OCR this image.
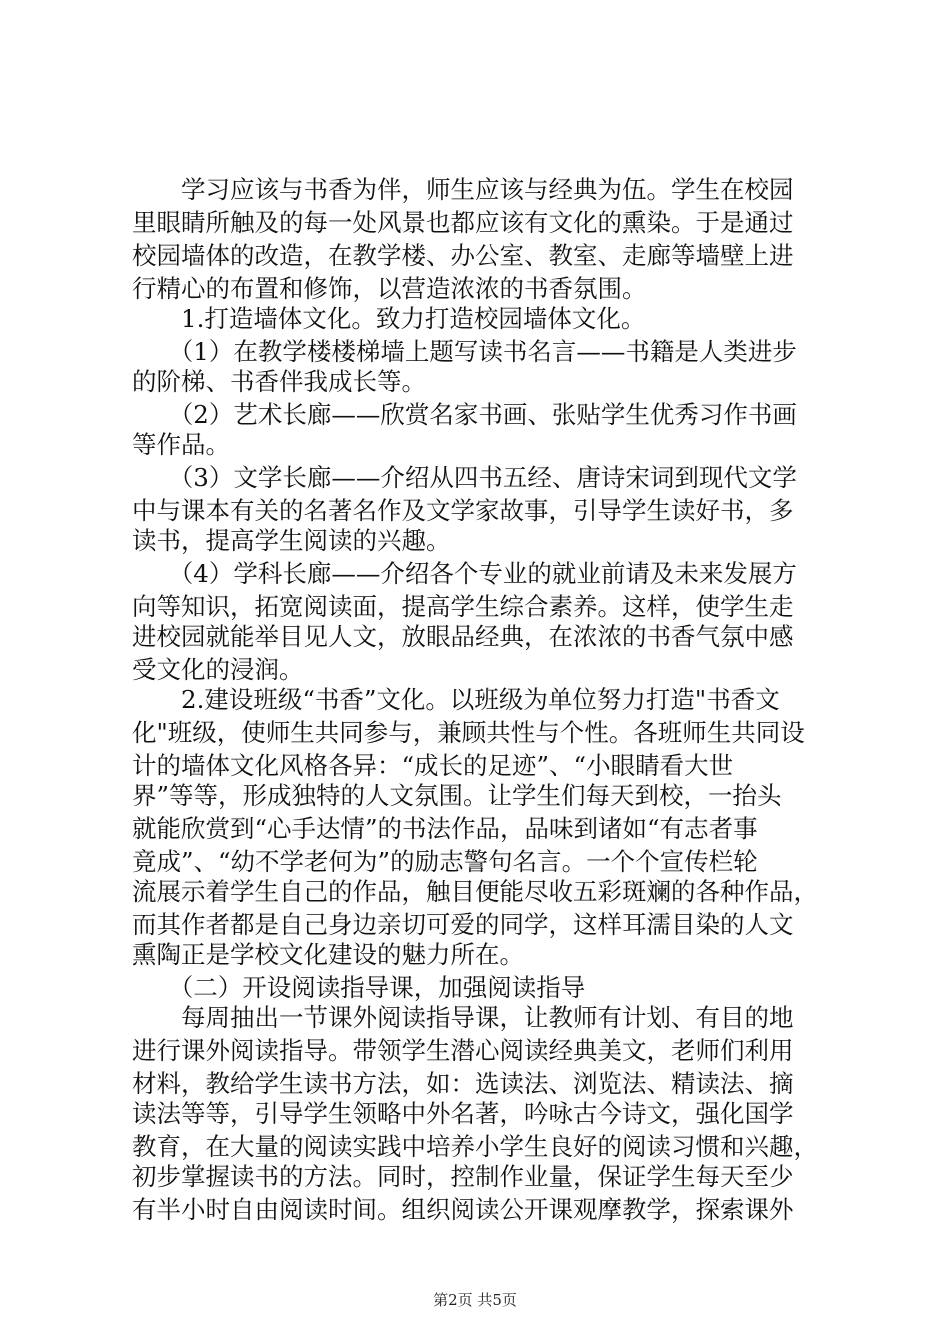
　　学习应该与书香为伴，师生应该与经典为伍。学生在校园
里眼睛所触及的每一处风景也都应该有文化的熏染。于是通过
校园墙体的改造，在教学楼、办公室、教室、走廊等墙壁上进
行精心的布置和修饰，以营造浓浓的书香氛围。
　　1.打造墙体文化。致力打造校园墙体文化。
　　（1）在教学楼楼梯墙上题写读书名言——书籍是人类进步
的阶梯、书香伴我成长等。
　　（2）艺术长廊——欣赏名家书画、张贴学生优秀习作书画
等作品。
　　（3）文学长廊——介绍从四书五经、唐诗宋词到现代文学
中与课本有关的名著名作及文学家故事，引导学生读好书，多
读书，提高学生阅读的兴趣。
　　（4）学科长廊——介绍各个专业的就业前请及未来发展方
向等知识，拓宽阅读面，提高学生综合素养。这样，使学生走
进校园就能举目见人文，放眼品经典，在浓浓的书香气氛中感
受文化的浸润。
　　2.建设班级“书香”文化。以班级为单位努力打造"书香文
化"班级，使师生共同参与，兼顾共性与个性。各班师生共同设
计的墙体文化风格各异：“成长的足迹”、“小眼睛看大世
界”等等，形成独特的人文氛围。让学生们每天到校，一抬头
就能欣赏到“心手达情”的书法作品，品味到诸如“有志者事
竟成”、“幼不学老何为”的励志警句名言。一个个宣传栏轮
流展示着学生自己的作品，触目便能尽收五彩斑斓的各种作品，
而其作者都是自己身边亲切可爱的同学，这样耳濡目染的人文
熏陶正是学校文化建设的魅力所在。
　　（二）开设阅读指导课，加强阅读指导
　　每周抽出一节课外阅读指导课，让教师有计划、有目的地
进行课外阅读指导。带领学生潜心阅读经典美文，老师们利用
材料，教给学生读书方法，如：选读法、浏览法、精读法、摘
读法等等，引导学生领略中外名著，吟咏古今诗文，强化国学
教育，在大量的阅读实践中培养小学生良好的阅读习惯和兴趣，
初步掌握读书的方法。同时，控制作业量，保证学生每天至少
有半小时自由阅读时间。组织阅读公开课观摩教学，探索课外
第2页 共5页
